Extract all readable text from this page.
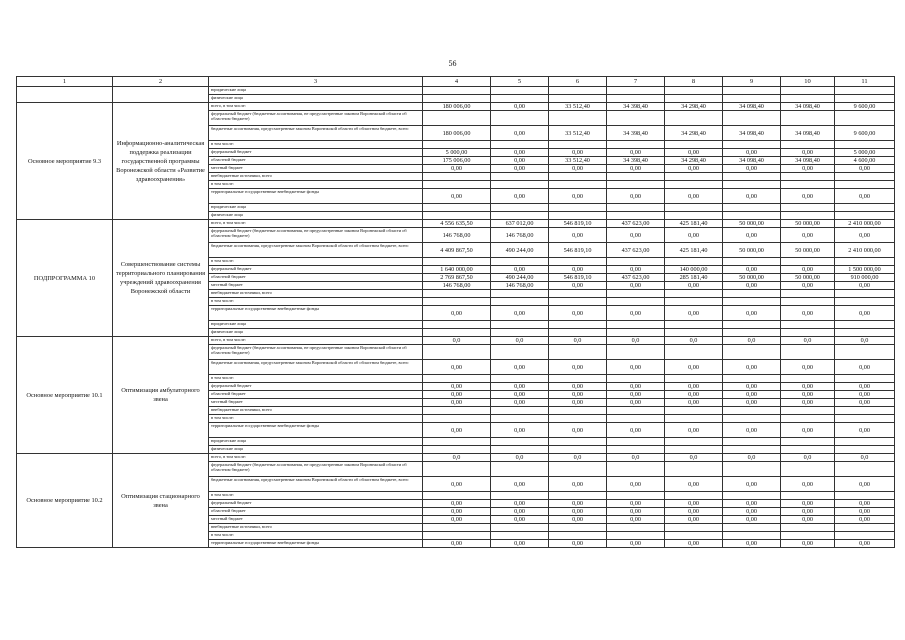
56
1	2	3	4	5	6	7	8	9	10	11
		юридические лица								
		физические лица								
Основное мероприятие 9.3	Информационно-аналитическая поддержка реализации государственной программы Воронежской области «Развитие здравоохранения»	всего, в том числе:	180 006,00	0,00	33 512,40	34 398,40	34 298,40	34 098,40	34 098,40	9 600,00
		федеральный бюджет (бюджетные ассигнования, не предусмотренные законом Воронежской области об областном бюджете)								
		бюджетные ассигнования, предусмотренные законом Воронежской области об областном бюджете, всего	180 006,00	0,00	33 512,40	34 398,40	34 298,40	34 098,40	34 098,40	9 600,00
		в том числе:								
		федеральный бюджет	5 000,00	0,00	0,00	0,00	0,00	0,00	0,00	5 000,00
		областной бюджет	175 006,00	0,00	33 512,40	34 398,40	34 298,40	34 098,40	34 098,40	4 600,00
		местный бюджет	0,00	0,00	0,00	0,00	0,00	0,00	0,00	0,00
		внебюджетные источники, всего								
		в том числе:								
		территориальные государственные внебюджетные фонды	0,00	0,00	0,00	0,00	0,00	0,00	0,00	0,00
		юридические лица								
		физические лица								
ПОДПРОГРАММА 10	Совершенствование системы территориального планирования учреждений здравоохранения Воронежской области	всего, в том числе:	4 556 635,50	637 012,00	546 819,10	437 623,00	425 181,40	50 000,00	50 000,00	2 410 000,00
		федеральный бюджет (бюджетные ассигнования, не предусмотренные законом Воронежской области об областном бюджете)	146 768,00	146 768,00	0,00	0,00	0,00	0,00	0,00	0,00
		бюджетные ассигнования, предусмотренные законом Воронежской области об областном бюджете, всего	4 409 867,50	490 244,00	546 819,10	437 623,00	425 181,40	50 000,00	50 000,00	2 410 000,00
		в том числе:								
		федеральный бюджет	1 640 000,00	0,00	0,00	0,00	140 000,00	0,00	0,00	1 500 000,00
		областной бюджет	2 769 867,50	490 244,00	546 819,10	437 623,00	285 181,40	50 000,00	50 000,00	910 000,00
		местный бюджет	146 768,00	146 768,00	0,00	0,00	0,00	0,00	0,00	0,00
		внебюджетные источники, всего								
		в том числе:								
		территориальные государственные внебюджетные фонды	0,00	0,00	0,00	0,00	0,00	0,00	0,00	0,00
		юридические лица								
		физические лица								
Основное мероприятие 10.1	Оптимизация амбулаторного звена	всего, в том числе:	0,0	0,0	0,0	0,0	0,0	0,0	0,0	0,0
		федеральный бюджет (бюджетные ассигнования, не предусмотренные законом Воронежской области об областном бюджете)								
		бюджетные ассигнования, предусмотренные законом Воронежской области об областном бюджете, всего	0,00	0,00	0,00	0,00	0,00	0,00	0,00	0,00
		в том числе:								
		федеральный бюджет	0,00	0,00	0,00	0,00	0,00	0,00	0,00	0,00
		областной бюджет	0,00	0,00	0,00	0,00	0,00	0,00	0,00	0,00
		местный бюджет	0,00	0,00	0,00	0,00	0,00	0,00	0,00	0,00
		внебюджетные источники, всего								
		в том числе:								
		территориальные государственные внебюджетные фонды	0,00	0,00	0,00	0,00	0,00	0,00	0,00	0,00
		юридические лица								
		физические лица								
Основное мероприятие 10.2	Оптимизация стационарного звена	всего, в том числе:	0,0	0,0	0,0	0,0	0,0	0,0	0,0	0,0
		федеральный бюджет (бюджетные ассигнования, не предусмотренные законом Воронежской области об областном бюджете)								
		бюджетные ассигнования, предусмотренные законом Воронежской области об областном бюджете, всего	0,00	0,00	0,00	0,00	0,00	0,00	0,00	0,00
		в том числе:								
		федеральный бюджет	0,00	0,00	0,00	0,00	0,00	0,00	0,00	0,00
		областной бюджет	0,00	0,00	0,00	0,00	0,00	0,00	0,00	0,00
		местный бюджет	0,00	0,00	0,00	0,00	0,00	0,00	0,00	0,00
		внебюджетные источники, всего								
		в том числе:								
		территориальные государственные внебюджетные фонды	0,00	0,00	0,00	0,00	0,00	0,00	0,00	0,00
